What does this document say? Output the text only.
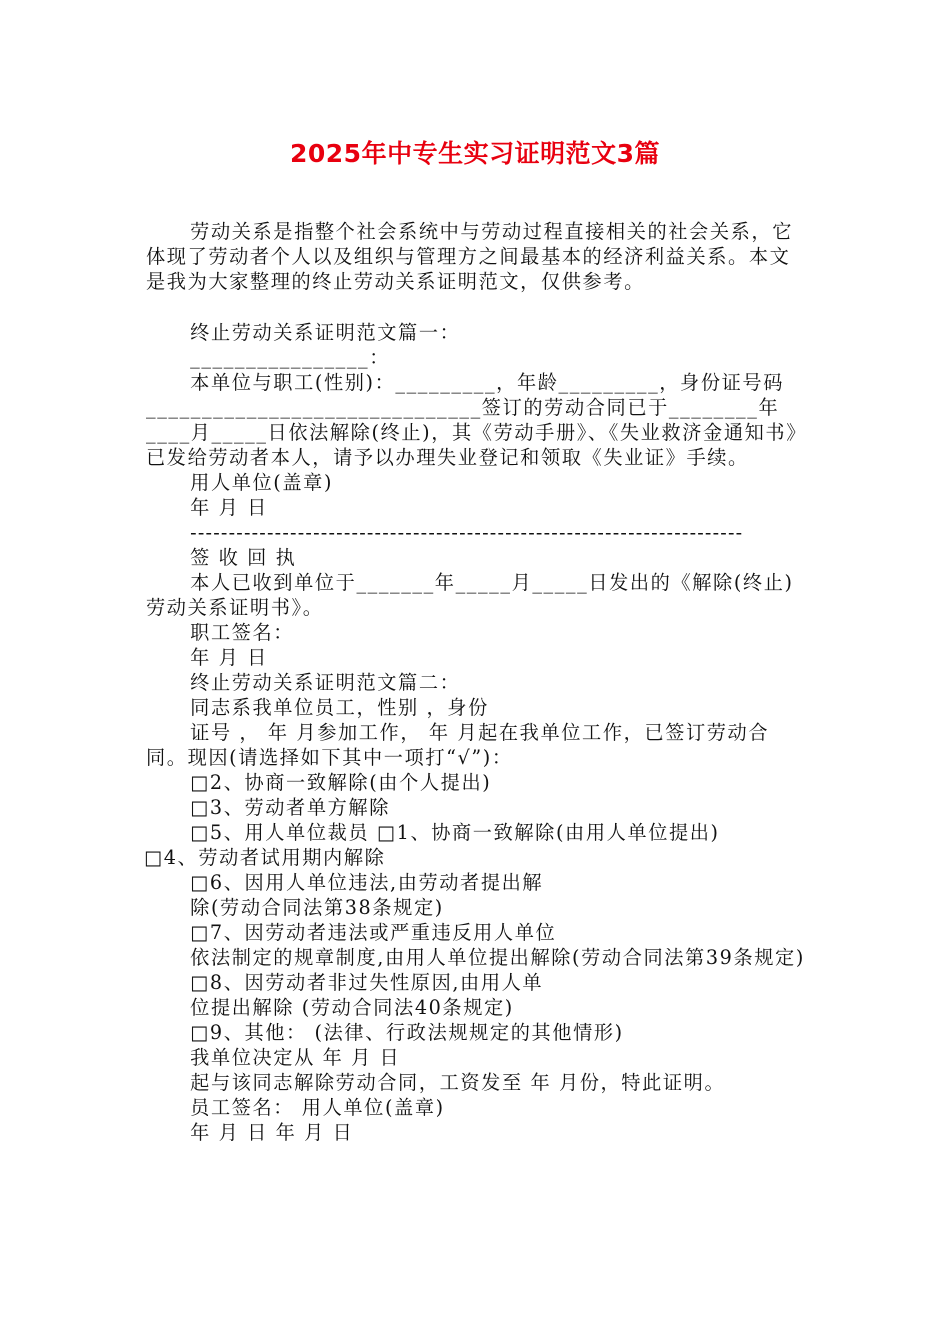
2025年中专生实习证明范文3篇

劳动关系是指整个社会系统中与劳动过程直接相关的社会关系，它体现了劳动者个人以及组织与管理方之间最基本的经济利益关系。本文是我为大家整理的终止劳动关系证明范文，仅供参考。

终止劳动关系证明范文篇一：

________________：

本单位与职工(性别)：_________，年龄_________，身份证号码______________________________签订的劳动合同已于________年____月_____日依法解除(终止)，其《劳动手册》、《失业救济金通知书》已发给劳动者本人，请予以办理失业登记和领取《失业证》手续。

用人单位(盖章)

年 月 日

------------------------------------------------------------------------

签 收 回 执

本人已收到单位于_______年_____月_____日发出的《解除(终止)劳动关系证明书》。

职工签名：

年 月 日

终止劳动关系证明范文篇二：

同志系我单位员工，性别 ，身份

证号 ， 年 月参加工作， 年 月起在我单位工作，已签订劳动合同。现因(请选择如下其中一项打“√”)：

□2、协商一致解除(由个人提出)

□3、劳动者单方解除

□5、用人单位裁员 □1、协商一致解除(由用人单位提出)

□4、劳动者试用期内解除

□6、因用人单位违法,由劳动者提出解

除(劳动合同法第38条规定)

□7、因劳动者违法或严重违反用人单位

依法制定的规章制度,由用人单位提出解除(劳动合同法第39条规定)

□8、因劳动者非过失性原因,由用人单

位提出解除 (劳动合同法40条规定)

□9、其他： (法律、行政法规规定的其他情形)

我单位决定从 年 月 日

起与该同志解除劳动合同，工资发至 年 月份，特此证明。

员工签名： 用人单位(盖章)

年 月 日 年 月 日
